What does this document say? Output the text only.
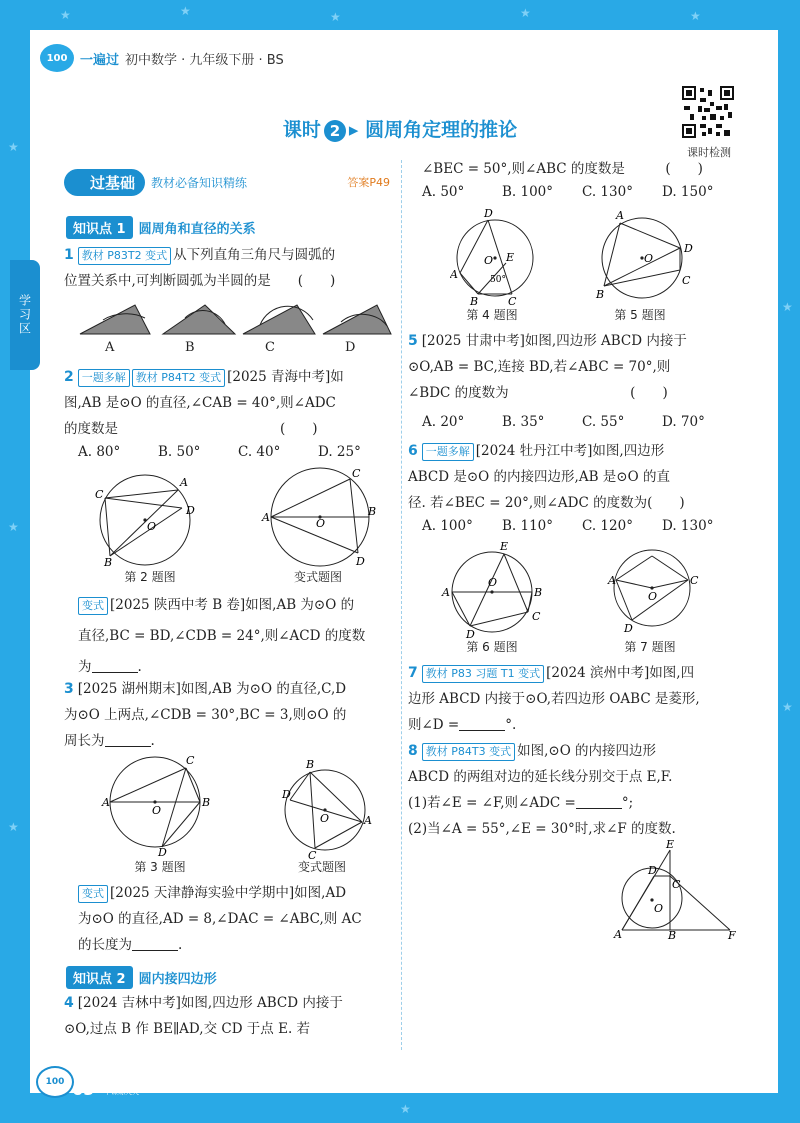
★	★	★	★	★
★
★
★
★
★
★
100 一遍过 初中数学 · 九年级下册 · BS
课时 2 ▸ 圆周角定理的推论
课时检测
学习区
过基础	教材必备知识精练	答案P49
知识点 1	圆周角和直径的关系
1 教材 P83T2 变式 从下列直角三角尺与圆弧的
位置关系中,可判断圆弧为半圆的是　　(　　)
A	B	C	D
2 一题多解 教材 P84T2 变式 [2025 青海中考]如
图,AB 是⊙O 的直径,∠CAB = 40°,则∠ADC
的度数是　　　　　　　　　　　　(　　)
A. 80°	B. 50°	C. 40°	D. 25°
C
A
D
O
B
A
C
B
O
D
第 2 题图	变式题图
变式 [2025 陕西中考 B 卷]如图,AB 为⊙O 的
直径,BC = BD,∠CDB = 24°,则∠ACD 的度数
为	.
3 [2025 湖州期末]如图,AB 为⊙O 的直径,C,D
为⊙O 上两点,∠CDB = 30°,BC = 3,则⊙O 的
周长为	.
A
C
B
O
D
B
D
A
O
C
第 3 题图	变式题图
变式 [2025 天津静海实验中学期中]如图,AD
为⊙O 的直径,AD = 8,∠DAC = ∠ABC,则 AC
的长度为	.
知识点 2	圆内接四边形
4 [2024 吉林中考]如图,四边形 ABCD 内接于
⊙O,过点 B 作 BE∥AD,交 CD 于点 E. 若
∠BEC = 50°,则∠ABC 的度数是　　　(　　)
A. 50°	B. 100°	C. 130°	D. 150°
D
E
A
O
50°
B	C
A
D
O
B
C
第 4 题图	第 5 题图
5 [2025 甘肃中考]如图,四边形 ABCD 内接于
⊙O,AB = BC,连接 BD,若∠ABC = 70°,则
∠BDC 的度数为　　　　　　　　　(　　)
A. 20°	B. 35°	C. 55°	D. 70°
6 一题多解 [2024 牡丹江中考]如图,四边形
ABCD 是⊙O 的内接四边形,AB 是⊙O 的直
径. 若∠BEC = 20°,则∠ADC 的度数为(　　)
A. 100°	B. 110°	C. 120°	D. 130°
E
A	B
O
C
D
A
O
C
D
第 6 题图	第 7 题图
7 教材 P83 习题 T1 变式 [2024 滨州中考]如图,四
边形 ABCD 内接于⊙O,若四边形 OABC 是菱形,
则∠D =	°.
8 教材 P84T3 变式 如图,⊙O 的内接四边形
ABCD 的两组对边的延长线分别交于点 E,F.
(1)若∠E = ∠F,则∠ADC =	°;
(2)当∠A = 55°,∠E = 30°时,求∠F 的度数.
E
D
C
O
A	B	F
100 65 上课认真听 下课练天天
